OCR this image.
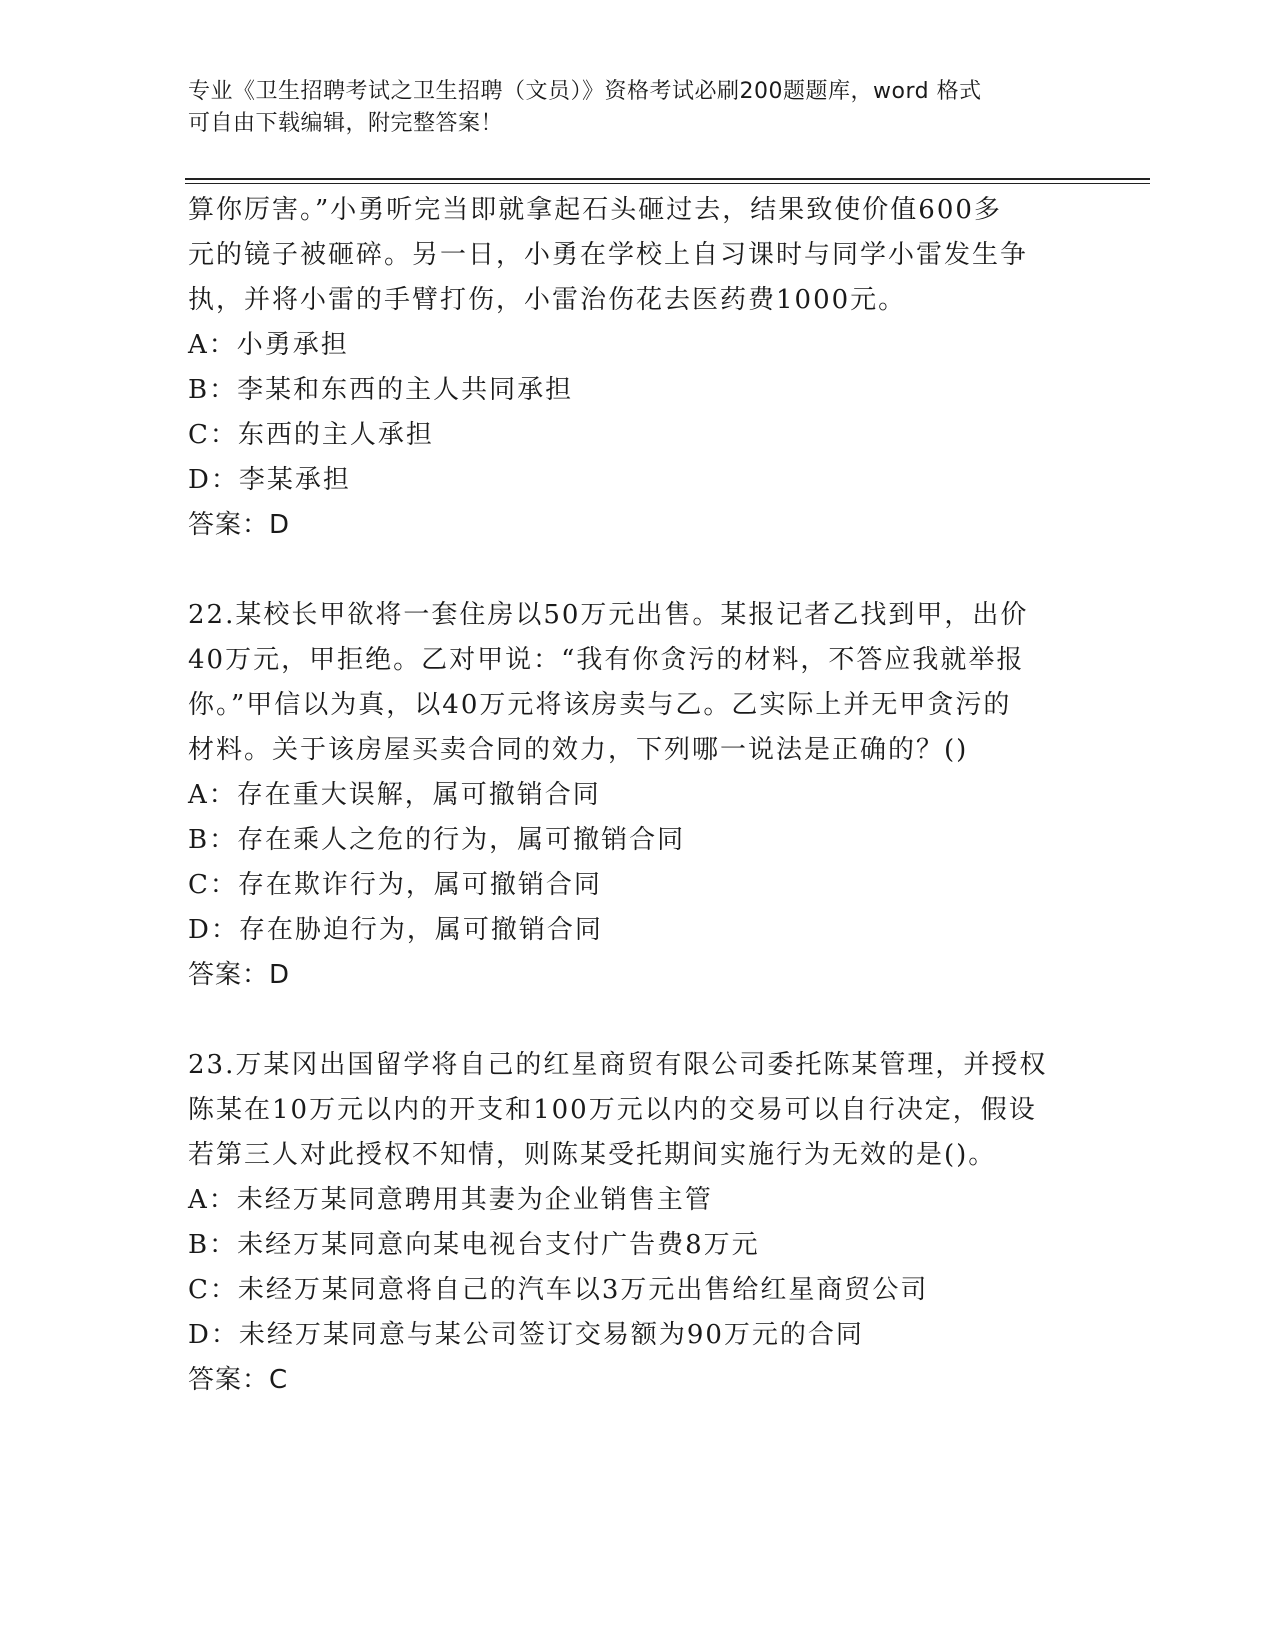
专业《卫生招聘考试之卫生招聘（文员）》资格考试必刷200题题库，word 格式
可自由下载编辑，附完整答案！
算你厉害。”小勇听完当即就拿起石头砸过去，结果致使价值600多
元的镜子被砸碎。另一日，小勇在学校上自习课时与同学小雷发生争
执，并将小雷的手臂打伤，小雷治伤花去医药费1000元。
A：小勇承担
B：李某和东西的主人共同承担
C：东西的主人承担
D：李某承担
答案：D
22.某校长甲欲将一套住房以50万元出售。某报记者乙找到甲，出价
40万元，甲拒绝。乙对甲说：“我有你贪污的材料，不答应我就举报
你。”甲信以为真，以40万元将该房卖与乙。乙实际上并无甲贪污的
材料。关于该房屋买卖合同的效力，下列哪一说法是正确的？()
A：存在重大误解，属可撤销合同
B：存在乘人之危的行为，属可撤销合同
C：存在欺诈行为，属可撤销合同
D：存在胁迫行为，属可撤销合同
答案：D
23.万某冈出国留学将自己的红星商贸有限公司委托陈某管理，并授权
陈某在10万元以内的开支和100万元以内的交易可以自行决定，假设
若第三人对此授权不知情，则陈某受托期间实施行为无效的是()。
A：未经万某同意聘用其妻为企业销售主管
B：未经万某同意向某电视台支付广告费8万元
C：未经万某同意将自己的汽车以3万元出售给红星商贸公司
D：未经万某同意与某公司签订交易额为90万元的合同
答案：C
